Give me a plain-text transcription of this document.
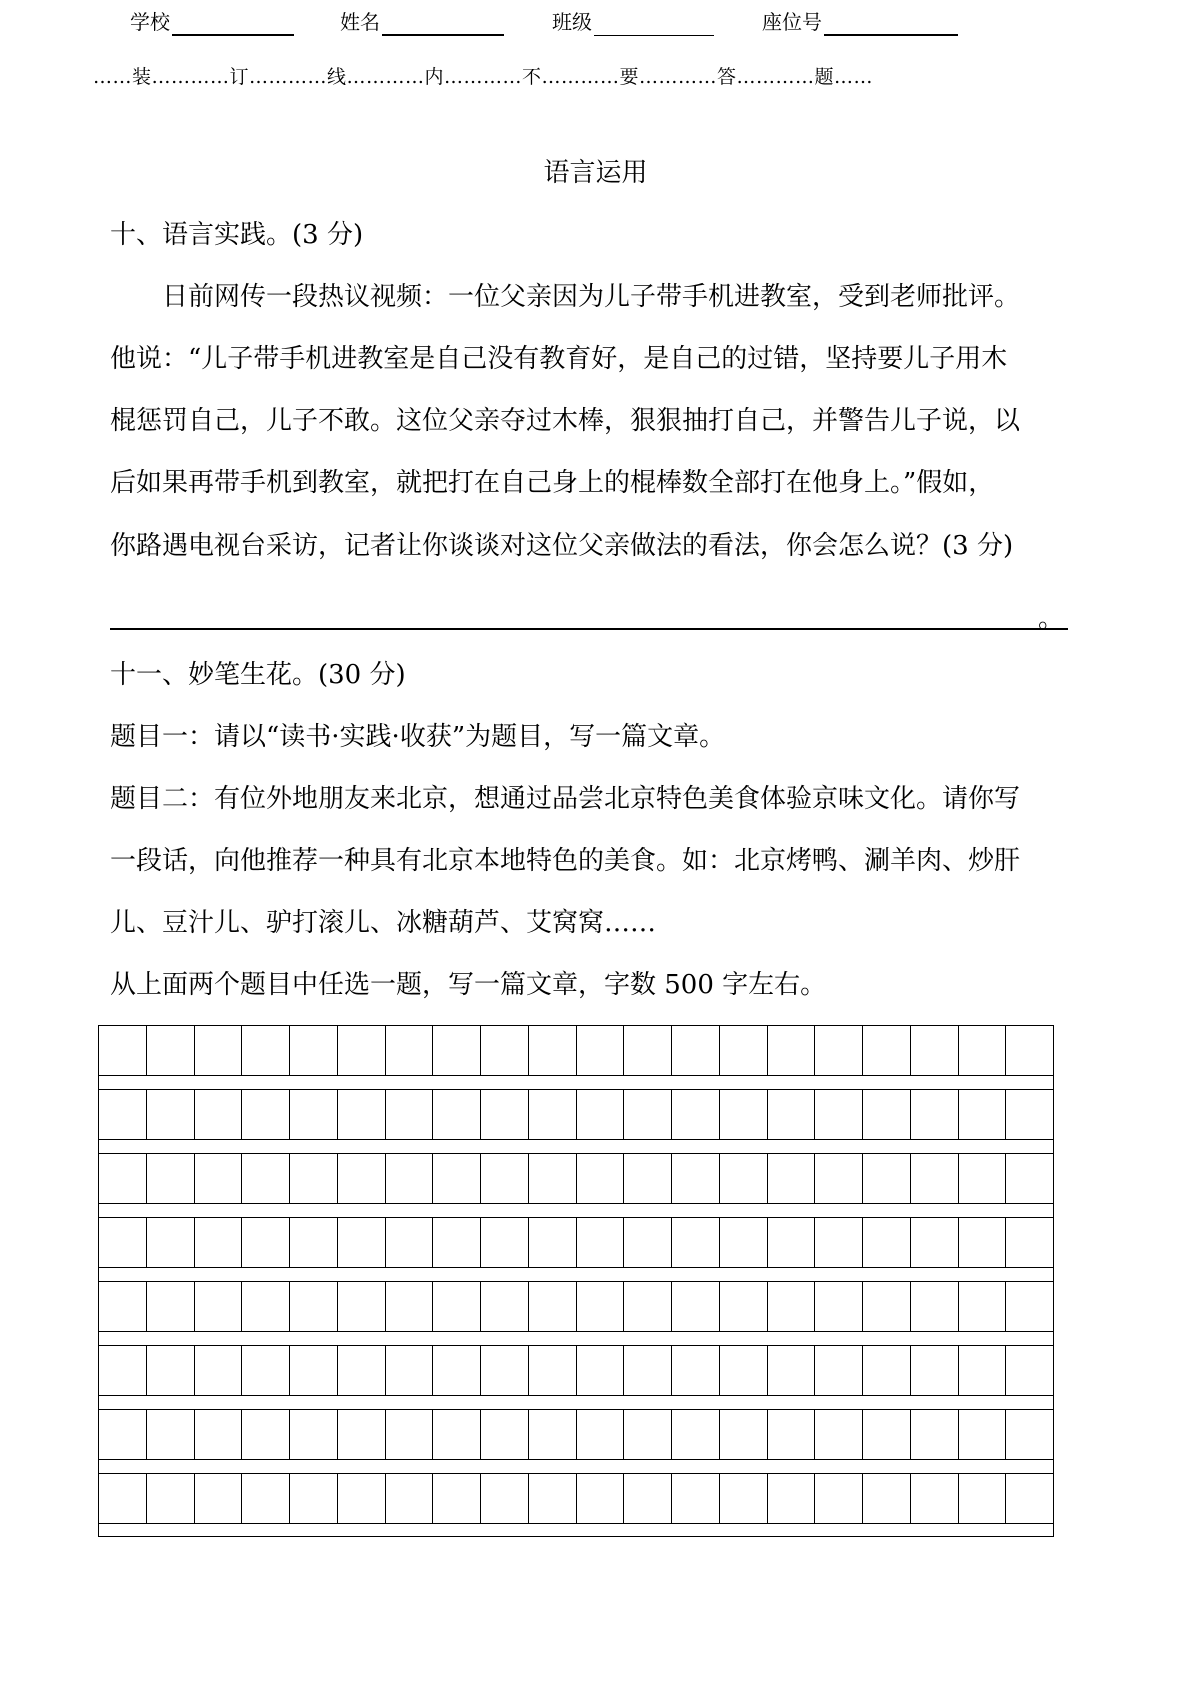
学校	姓名	班级	座位号
……装…………订…………线…………内…………不…………要…………答…………题……
语言运用
十、语言实践。(3 分)
日前网传一段热议视频：一位父亲因为儿子带手机进教室，受到老师批评。
他说：“儿子带手机进教室是自己没有教育好，是自己的过错，坚持要儿子用木
棍惩罚自己，儿子不敢。这位父亲夺过木棒，狠狠抽打自己，并警告儿子说，以
后如果再带手机到教室，就把打在自己身上的棍棒数全部打在他身上。”假如，
你路遇电视台采访，记者让你谈谈对这位父亲做法的看法，你会怎么说？(3 分)
。
十一、妙笔生花。(30 分)
题目一：请以“读书·实践·收获”为题目，写一篇文章。
题目二：有位外地朋友来北京，想通过品尝北京特色美食体验京味文化。请你写
一段话，向他推荐一种具有北京本地特色的美食。如：北京烤鸭、涮羊肉、炒肝
儿、豆汁儿、驴打滚儿、冰糖葫芦、艾窝窝……
从上面两个题目中任选一题，写一篇文章，字数 500 字左右。
